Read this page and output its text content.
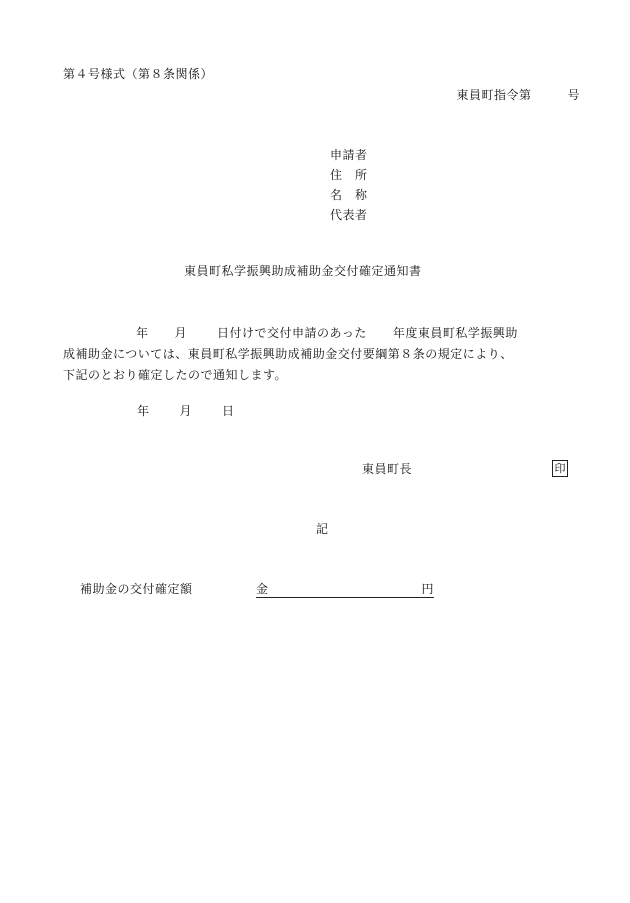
第４号様式（第８条関係）
東員町指令第	号
申請者
住　所
名　称
代表者
東員町私学振興助成補助金交付確定通知書
年 月	日付けで交付申請のあった 年度東員町私学振興助
成補助金については、東員町私学振興助成補助金交付要綱第８条の規定により、
下記のとおり確定したので通知します。
年	月	日
東員町長	印
記
補助金の交付確定額	金	円
